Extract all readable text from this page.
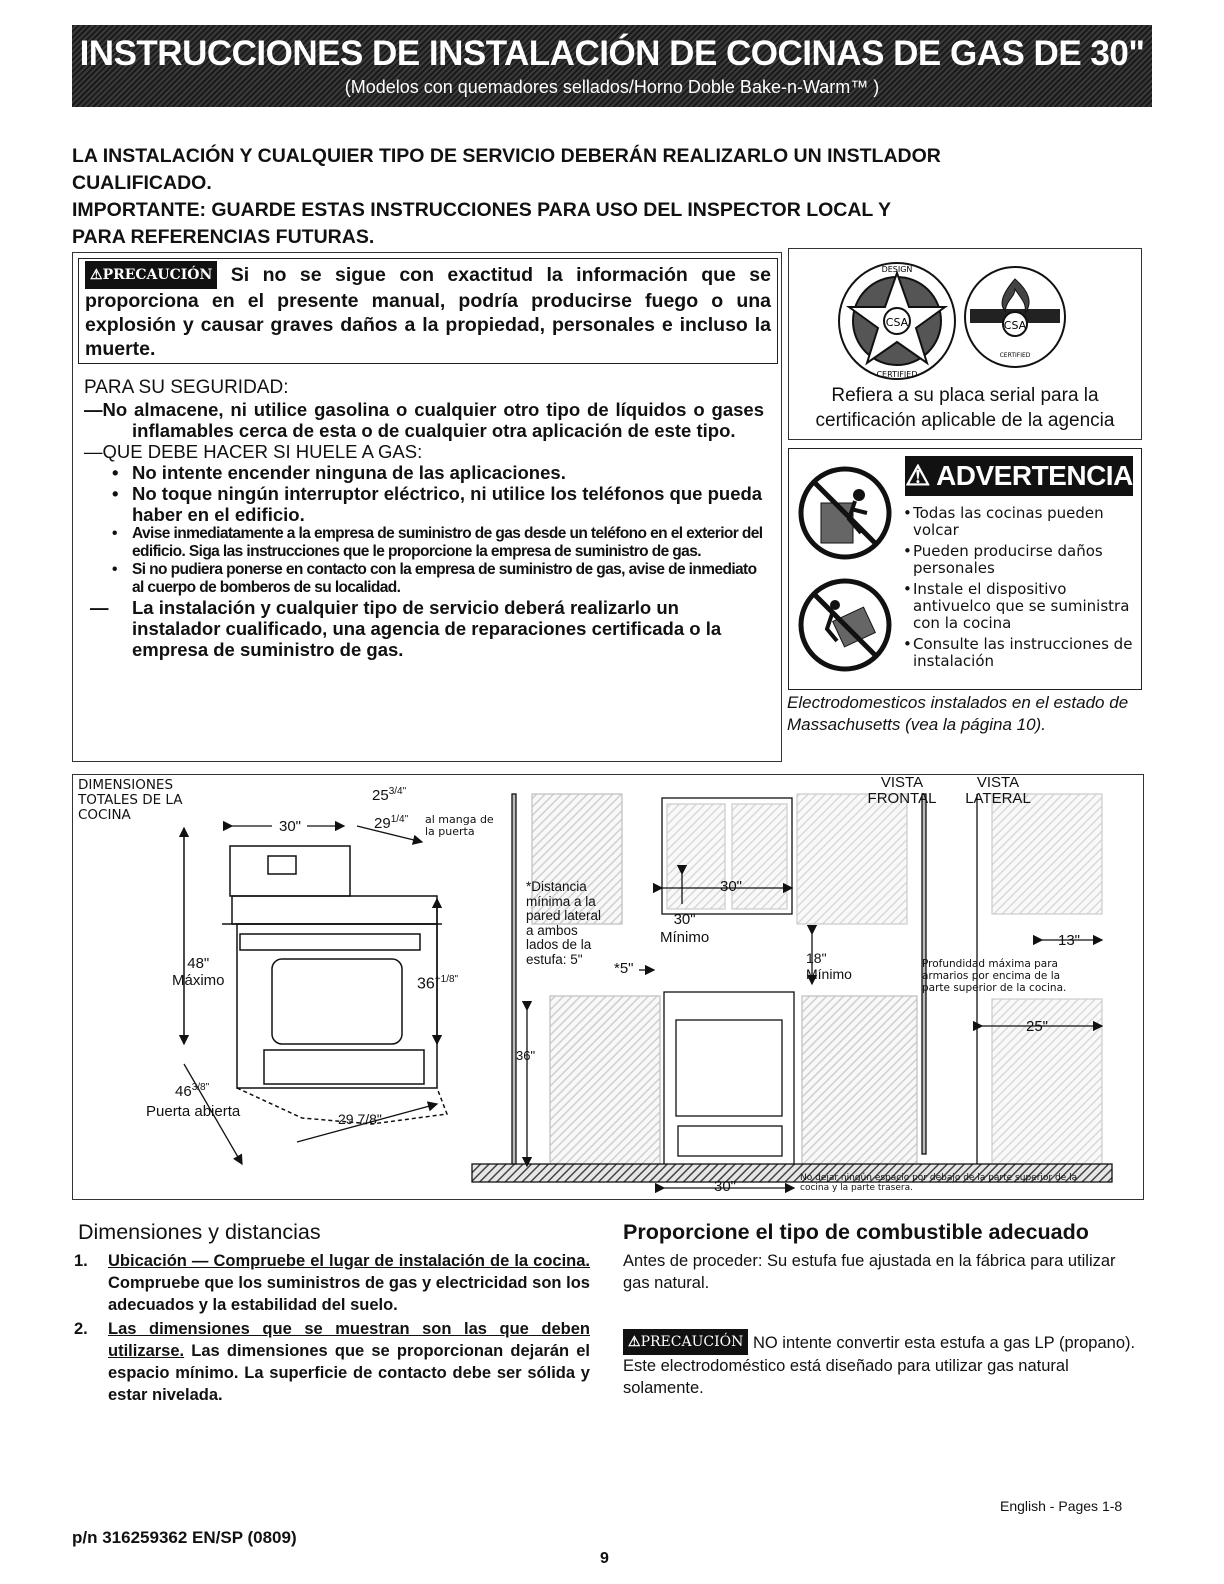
INSTRUCCIONES DE INSTALACIÓN DE COCINAS DE GAS DE 30"
(Modelos con quemadores sellados/Horno Doble Bake-n-Warm™ )
LA INSTALACIÓN Y CUALQUIER TIPO DE SERVICIO DEBERÁN REALIZARLO UN INSTLADOR
CUALIFICADO.
IMPORTANTE: GUARDE ESTAS INSTRUCCIONES PARA USO DEL INSPECTOR LOCAL Y
PARA REFERENCIAS FUTURAS.
⚠PRECAUCIÓN Si no se sigue con exactitud la información que se proporciona en el presente manual, podría producirse fuego o una explosión y causar graves daños a la propiedad, personales e incluso la muerte.
PARA SU SEGURIDAD:
—No almacene, ni utilice gasolina o cualquier otro tipo de líquidos o gases inflamables cerca de esta o de cualquier otra aplicación de este tipo.
—QUE DEBE HACER SI HUELE A GAS:
• No intente encender ninguna de las aplicaciones.
• No toque ningún interruptor eléctrico, ni utilice los teléfonos que pueda haber en el edificio.
• Avise inmediatamente a la empresa de suministro de gas desde un teléfono en el exterior del edificio. Siga las instrucciones que le proporcione la empresa de suministro de gas.
• Si no pudiera ponerse en contacto con la empresa de suministro de gas, avise de inmediato al cuerpo de bomberos de su localidad.
— La instalación y cualquier tipo de servicio deberá realizarlo un instalador cualificado, una agencia de reparaciones certificada o la empresa de suministro de gas.
CSA
DESIGN
CERTIFIED
CSA
CERTIFIED
Refiera a su placa serial para la certificación aplicable de la agencia
• Todas las cocinas pueden volcar
• Pueden producirse daños personales
• Instale el dispositivo antivuelco que se suministra con la cocina
• Consulte las instrucciones de instalación
⚠ ADVERTENCIA
Electrodomesticos instalados en el estado de Massachusetts (vea la página 10).
DIMENSIONES TOTALES DE LA COCINA
$25^{3/4"}$
$29^{1/4"}$ al manga de la puerta
30"
48"
Máximo	$36^{+1/8"}$
$46^{3/8"}$
Puerta abierta	29 7/8"
*Distancia mínima a la pared lateral a ambos lados de la estufa: 5"
VISTA FRONTAL
VISTA LATERAL
30"
30"
Mínimo
*5"
18"
Mínimo
36"
30"
13"
25"
Profundidad máxima para armarios por encima de la parte superior de la cocina.
No dejar ningún espacio por debajo de la parte superior de la cocina y la parte trasera.
Dimensiones y distancias
1. Ubicación — Compruebe el lugar de instalación de la cocina. Compruebe que los suministros de gas y electricidad son los adecuados y la estabilidad del suelo.
2. Las dimensiones que se muestran son las que deben utilizarse. Las dimensiones que se proporcionan dejarán el espacio mínimo. La superficie de contacto debe ser sólida y estar nivelada.
Proporcione el tipo de combustible adecuado
Antes de proceder: Su estufa fue ajustada en la fábrica para utilizar gas natural.
⚠PRECAUCIÓN NO intente convertir esta estufa a gas LP (propano). Este electrodoméstico está diseñado para utilizar gas natural solamente.
p/n 316259362 EN/SP (0809)
9
English - Pages 1-8
